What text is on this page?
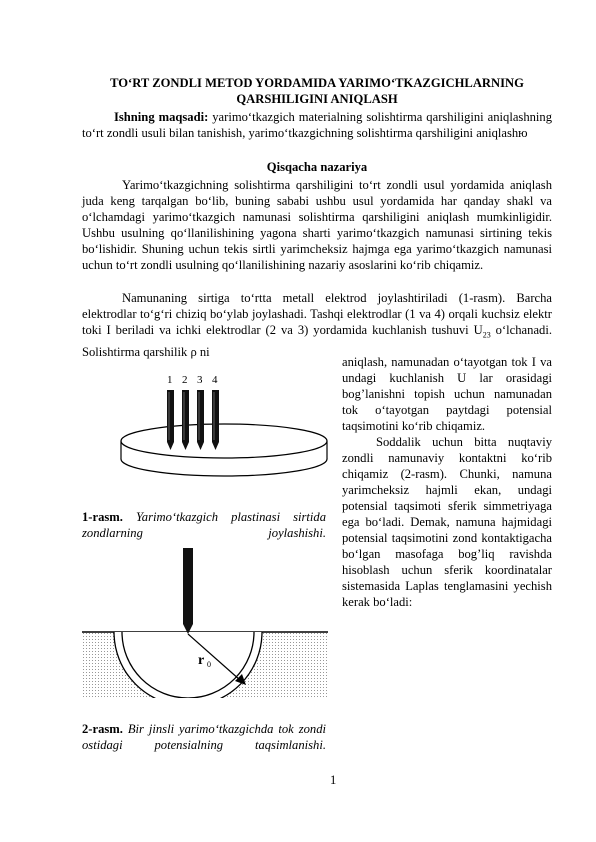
TO‘RT ZONDLI METOD YORDAMIDA YARIMO‘TKAZGICHLARNING QARSHILIGINI ANIQLASH
Ishning maqsadi: yarimo‘tkazgich materialning solishtirma qarshiligini aniqlashning to‘rt zondli usuli bilan tanishish, yarimo‘tkazgichning solishtirma qarshiligini aniqlashю
Qisqacha nazariya
Yarimo‘tkazgichning solishtirma qarshiligini to‘rt zondli usul yordamida aniqlash juda keng tarqalgan bo‘lib, buning sababi ushbu usul yordamida har qanday shakl va o‘lchamdagi yarimo‘tkazgich namunasi solishtirma qarshiligini aniqlash mumkinligidir. Ushbu usulning qo‘llanilishining yagona sharti yarimo‘tkazgich namunasi sirtining tekis bo‘lishidir. Shuning uchun tekis sirtli yarimcheksiz hajmga ega yarimo‘tkazgich namunasi uchun to‘rt zondli usulning qo‘llanilishining nazariy asoslarini ko‘rib chiqamiz.
Namunaning sirtiga to‘rtta metall elektrod joylashtiriladi (1-rasm). Barcha elektrodlar to‘g‘ri chiziq bo‘ylab joylashadi. Tashqi elektrodlar (1 va 4) orqali kuchsiz elektr toki I beriladi va ichki elektrodlar (2 va 3) yordamida kuchlanish tushuvi $U_{23}$ o‘lchanadi. Solishtirma qarshilik ρ ni
aniqlash, namunadan o‘tayotgan tok I va undagi kuchlanish U lar orasidagi bog’lanishni topish uchun namunadan tok o‘tayotgan paytdagi potensial taqsimotini ko‘rib chiqamiz.
Soddalik uchun bitta nuqtaviy zondli namunaviy kontaktni ko‘rib chiqamiz (2-rasm). Chunki, namuna yarimcheksiz hajmli ekan, undagi potensial taqsimoti sferik simmetriyaga ega bo‘ladi. Demak, namuna hajmidagi potensial taqsimotini zond kontaktigacha bo‘lgan masofaga bog’liq ravishda hisoblash uchun sferik koordinatalar sistemasida Laplas tenglamasini yechish kerak bo‘ladi:
1 2 3 4
1-rasm. Yarimo‘tkazgich plastinasi sirtida zondlarning joylashishi.
r 0
2-rasm. Bir jinsli yarimo‘tkazgichda tok zondi ostidagi potensialning taqsimlanishi.
1
